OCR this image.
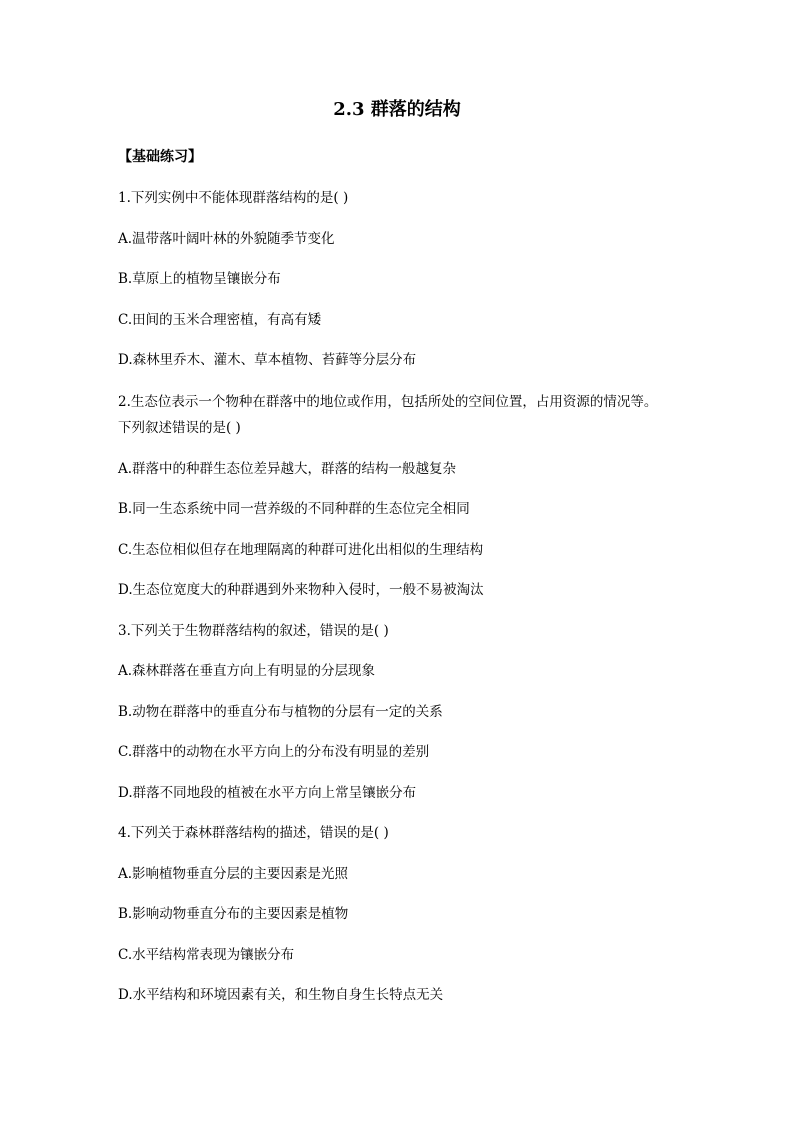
2.3 群落的结构
【基础练习】
1.下列实例中不能体现群落结构的是( )
A.温带落叶阔叶林的外貌随季节变化
B.草原上的植物呈镶嵌分布
C.田间的玉米合理密植，有高有矮
D.森林里乔木、灌木、草本植物、苔藓等分层分布
2.生态位表示一个物种在群落中的地位或作用，包括所处的空间位置，占用资源的情况等。下列叙述错误的是( )
A.群落中的种群生态位差异越大，群落的结构一般越复杂
B.同一生态系统中同一营养级的不同种群的生态位完全相同
C.生态位相似但存在地理隔离的种群可进化出相似的生理结构
D.生态位宽度大的种群遇到外来物种入侵时，一般不易被淘汰
3.下列关于生物群落结构的叙述，错误的是( )
A.森林群落在垂直方向上有明显的分层现象
B.动物在群落中的垂直分布与植物的分层有一定的关系
C.群落中的动物在水平方向上的分布没有明显的差别
D.群落不同地段的植被在水平方向上常呈镶嵌分布
4.下列关于森林群落结构的描述，错误的是( )
A.影响植物垂直分层的主要因素是光照
B.影响动物垂直分布的主要因素是植物
C.水平结构常表现为镶嵌分布
D.水平结构和环境因素有关，和生物自身生长特点无关
